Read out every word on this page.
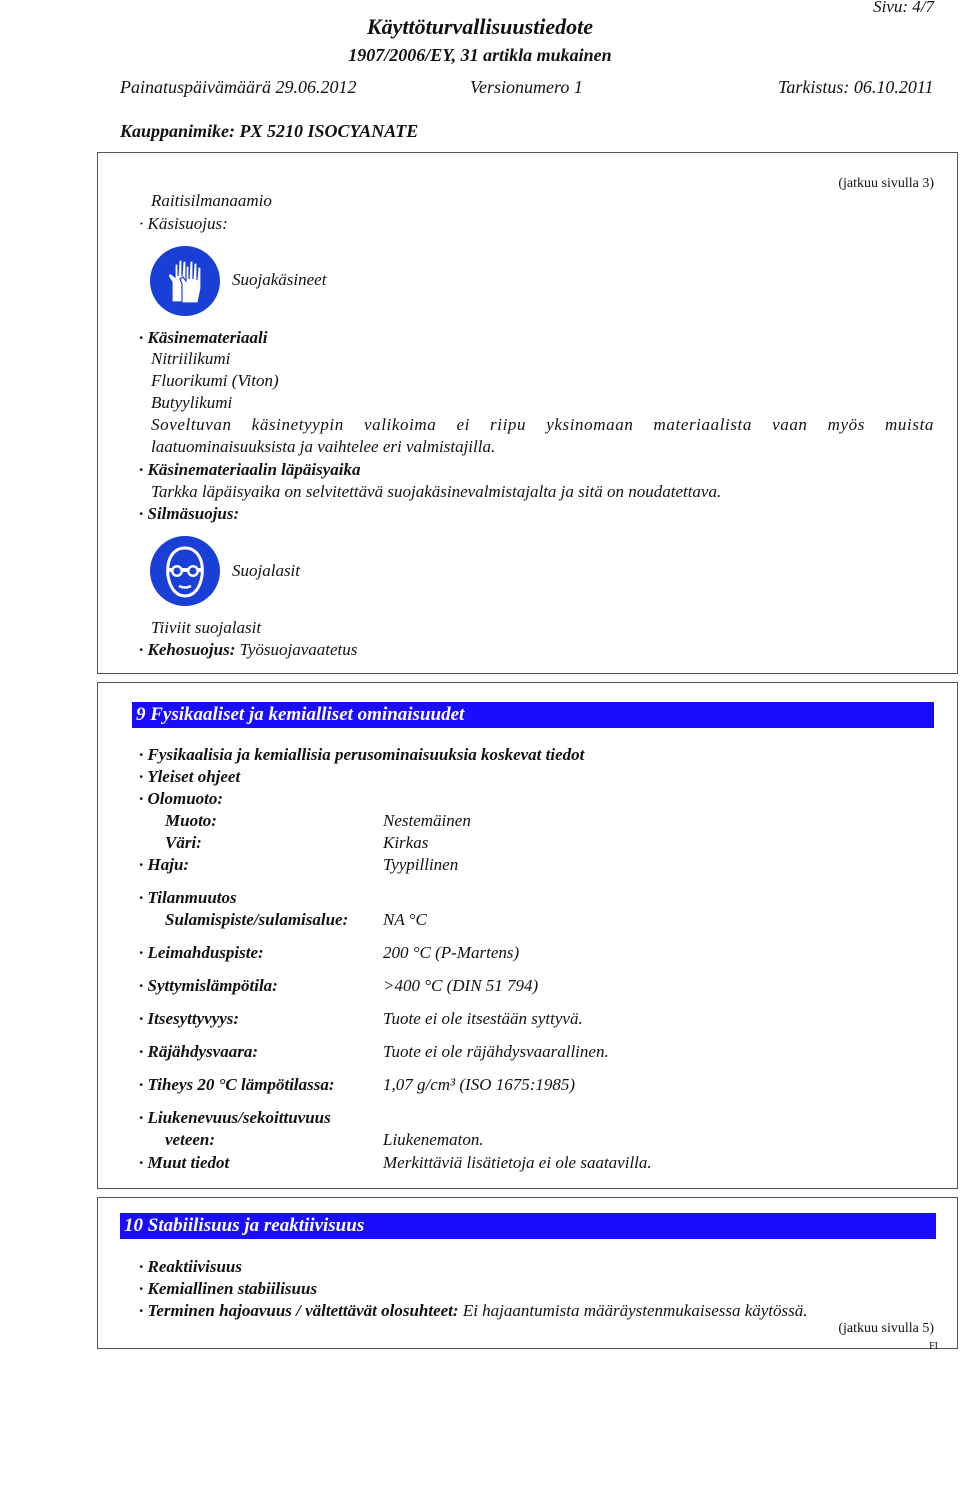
Sivu: 4/7
Käyttöturvallisuustiedote
1907/2006/EY, 31 artikla mukainen
Painatuspäivämäärä 29.06.2012	Versionumero 1	Tarkistus: 06.10.2011
Kauppanimike: PX 5210 ISOCYANATE
(jatkuu sivulla 3)
Raitisilmanaamio
· Käsisuojus:
Suojakäsineet
· Käsinemateriaali
Nitriilikumi
Fluorikumi (Viton)
Butyylikumi
Soveltuvan käsinetyypin valikoima ei riipu yksinomaan materiaalista vaan myös muista
laatuominaisuuksista ja vaihtelee eri valmistajilla.
· Käsinemateriaalin läpäisyaika
Tarkka läpäisyaika on selvitettävä suojakäsinevalmistajalta ja sitä on noudatettava.
· Silmäsuojus:
Suojalasit
Tiiviit suojalasit
· Kehosuojus: Työsuojavaatetus
9 Fysikaaliset ja kemialliset ominaisuudet
· Fysikaalisia ja kemiallisia perusominaisuuksia koskevat tiedot
· Yleiset ohjeet
· Olomuoto:
Muoto:	Nestemäinen
Väri:	Kirkas
· Haju:	Tyypillinen
· Tilanmuutos
Sulamispiste/sulamisalue: NA °C
· Leimahduspiste:	200 °C (P-Martens)
· Syttymislämpötila:	>400 °C (DIN 51 794)
· Itsesyttyvyys:	Tuote ei ole itsestään syttyvä.
· Räjähdysvaara:	Tuote ei ole räjähdysvaarallinen.
· Tiheys 20 °C lämpötilassa:	1,07 g/cm³ (ISO 1675:1985)
· Liukenevuus/sekoittuvuus
veteen:	Liukenematon.
· Muut tiedot	Merkittäviä lisätietoja ei ole saatavilla.
10 Stabiilisuus ja reaktiivisuus
· Reaktiivisuus
· Kemiallinen stabiilisuus
· Terminen hajoavuus / vältettävät olosuhteet: Ei hajaantumista määräystenmukaisessa käytössä.
(jatkuu sivulla 5)
FI
